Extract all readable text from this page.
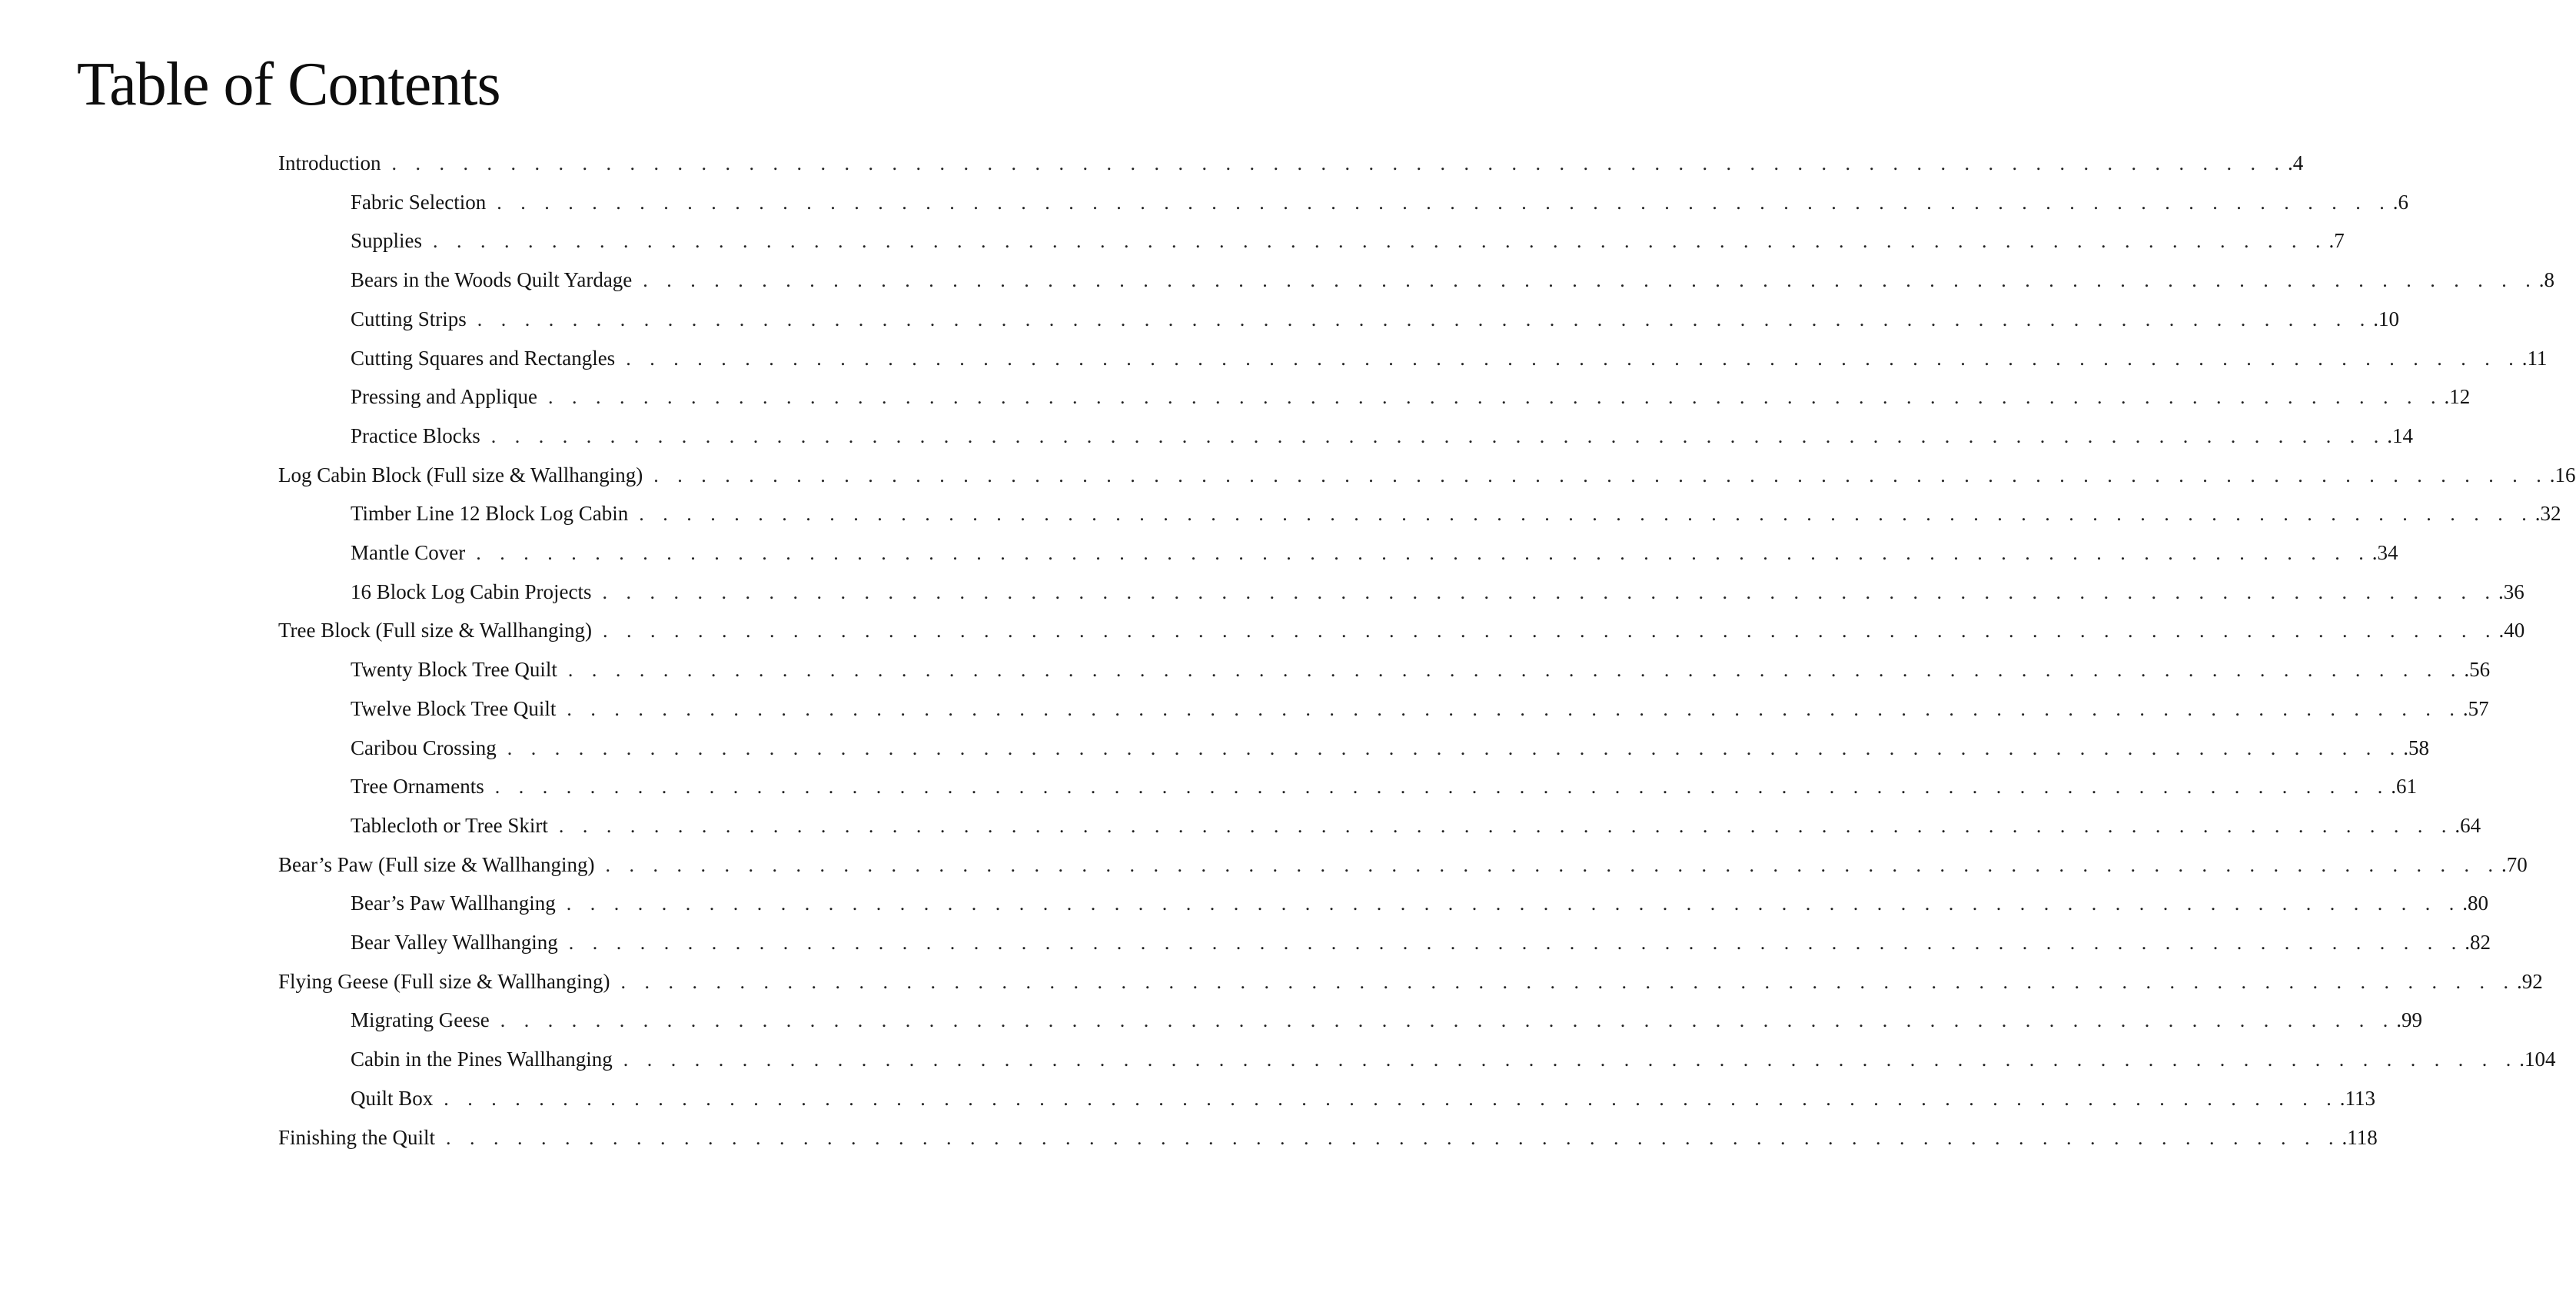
Table of Contents
Introduction . . . . . . . . . . . . . . . . . . . . . . . . . . . . . . . . . . . . . . . . . . . . . . . . . . . . . . . . . . . . . . . . . . . . . . . . . . . . . . . . .4
Fabric Selection . . . . . . . . . . . . . . . . . . . . . . . . . . . . . . . . . . . . . . . . . . . . . . . . . . . . . . . . . . . . . . . . . . . . . . . . . . . . . . . . .6
Supplies . . . . . . . . . . . . . . . . . . . . . . . . . . . . . . . . . . . . . . . . . . . . . . . . . . . . . . . . . . . . . . . . . . . . . . . . . . . . . . . . .7
Bears in the Woods Quilt Yardage . . . . . . . . . . . . . . . . . . . . . . . . . . . . . . . . . . . . . . . . . . . . . . . . . . . . . . . . . . . . . . . . . . . . . . . . . . . . . . . . .8
Cutting Strips . . . . . . . . . . . . . . . . . . . . . . . . . . . . . . . . . . . . . . . . . . . . . . . . . . . . . . . . . . . . . . . . . . . . . . . . . . . . . . . . .10
Cutting Squares and Rectangles . . . . . . . . . . . . . . . . . . . . . . . . . . . . . . . . . . . . . . . . . . . . . . . . . . . . . . . . . . . . . . . . . . . . . . . . . . . . . . . . .11
Pressing and Applique . . . . . . . . . . . . . . . . . . . . . . . . . . . . . . . . . . . . . . . . . . . . . . . . . . . . . . . . . . . . . . . . . . . . . . . . . . . . . . . . .12
Practice Blocks . . . . . . . . . . . . . . . . . . . . . . . . . . . . . . . . . . . . . . . . . . . . . . . . . . . . . . . . . . . . . . . . . . . . . . . . . . . . . . . . .14
Log Cabin Block (Full size & Wallhanging) . . . . . . . . . . . . . . . . . . . . . . . . . . . . . . . . . . . . . . . . . . . . . . . . . . . . . . . . . . . . . . . . . . . . . . . . . . . . . . . . .16
Timber Line 12 Block Log Cabin . . . . . . . . . . . . . . . . . . . . . . . . . . . . . . . . . . . . . . . . . . . . . . . . . . . . . . . . . . . . . . . . . . . . . . . . . . . . . . . . .32
Mantle Cover . . . . . . . . . . . . . . . . . . . . . . . . . . . . . . . . . . . . . . . . . . . . . . . . . . . . . . . . . . . . . . . . . . . . . . . . . . . . . . . . .34
16 Block Log Cabin Projects . . . . . . . . . . . . . . . . . . . . . . . . . . . . . . . . . . . . . . . . . . . . . . . . . . . . . . . . . . . . . . . . . . . . . . . . . . . . . . . . .36
Tree Block (Full size & Wallhanging) . . . . . . . . . . . . . . . . . . . . . . . . . . . . . . . . . . . . . . . . . . . . . . . . . . . . . . . . . . . . . . . . . . . . . . . . . . . . . . . . .40
Twenty Block Tree Quilt . . . . . . . . . . . . . . . . . . . . . . . . . . . . . . . . . . . . . . . . . . . . . . . . . . . . . . . . . . . . . . . . . . . . . . . . . . . . . . . . .56
Twelve Block Tree Quilt . . . . . . . . . . . . . . . . . . . . . . . . . . . . . . . . . . . . . . . . . . . . . . . . . . . . . . . . . . . . . . . . . . . . . . . . . . . . . . . . .57
Caribou Crossing . . . . . . . . . . . . . . . . . . . . . . . . . . . . . . . . . . . . . . . . . . . . . . . . . . . . . . . . . . . . . . . . . . . . . . . . . . . . . . . . .58
Tree Ornaments . . . . . . . . . . . . . . . . . . . . . . . . . . . . . . . . . . . . . . . . . . . . . . . . . . . . . . . . . . . . . . . . . . . . . . . . . . . . . . . . .61
Tablecloth or Tree Skirt . . . . . . . . . . . . . . . . . . . . . . . . . . . . . . . . . . . . . . . . . . . . . . . . . . . . . . . . . . . . . . . . . . . . . . . . . . . . . . . . .64
Bear’s Paw (Full size & Wallhanging) . . . . . . . . . . . . . . . . . . . . . . . . . . . . . . . . . . . . . . . . . . . . . . . . . . . . . . . . . . . . . . . . . . . . . . . . . . . . . . . . .70
Bear’s Paw Wallhanging . . . . . . . . . . . . . . . . . . . . . . . . . . . . . . . . . . . . . . . . . . . . . . . . . . . . . . . . . . . . . . . . . . . . . . . . . . . . . . . . .80
Bear Valley Wallhanging . . . . . . . . . . . . . . . . . . . . . . . . . . . . . . . . . . . . . . . . . . . . . . . . . . . . . . . . . . . . . . . . . . . . . . . . . . . . . . . . .82
Flying Geese (Full size & Wallhanging) . . . . . . . . . . . . . . . . . . . . . . . . . . . . . . . . . . . . . . . . . . . . . . . . . . . . . . . . . . . . . . . . . . . . . . . . . . . . . . . . .92
Migrating Geese . . . . . . . . . . . . . . . . . . . . . . . . . . . . . . . . . . . . . . . . . . . . . . . . . . . . . . . . . . . . . . . . . . . . . . . . . . . . . . . . .99
Cabin in the Pines Wallhanging . . . . . . . . . . . . . . . . . . . . . . . . . . . . . . . . . . . . . . . . . . . . . . . . . . . . . . . . . . . . . . . . . . . . . . . . . . . . . . . . .104
Quilt Box . . . . . . . . . . . . . . . . . . . . . . . . . . . . . . . . . . . . . . . . . . . . . . . . . . . . . . . . . . . . . . . . . . . . . . . . . . . . . . . . .113
Finishing the Quilt . . . . . . . . . . . . . . . . . . . . . . . . . . . . . . . . . . . . . . . . . . . . . . . . . . . . . . . . . . . . . . . . . . . . . . . . . . . . . . . . .118
